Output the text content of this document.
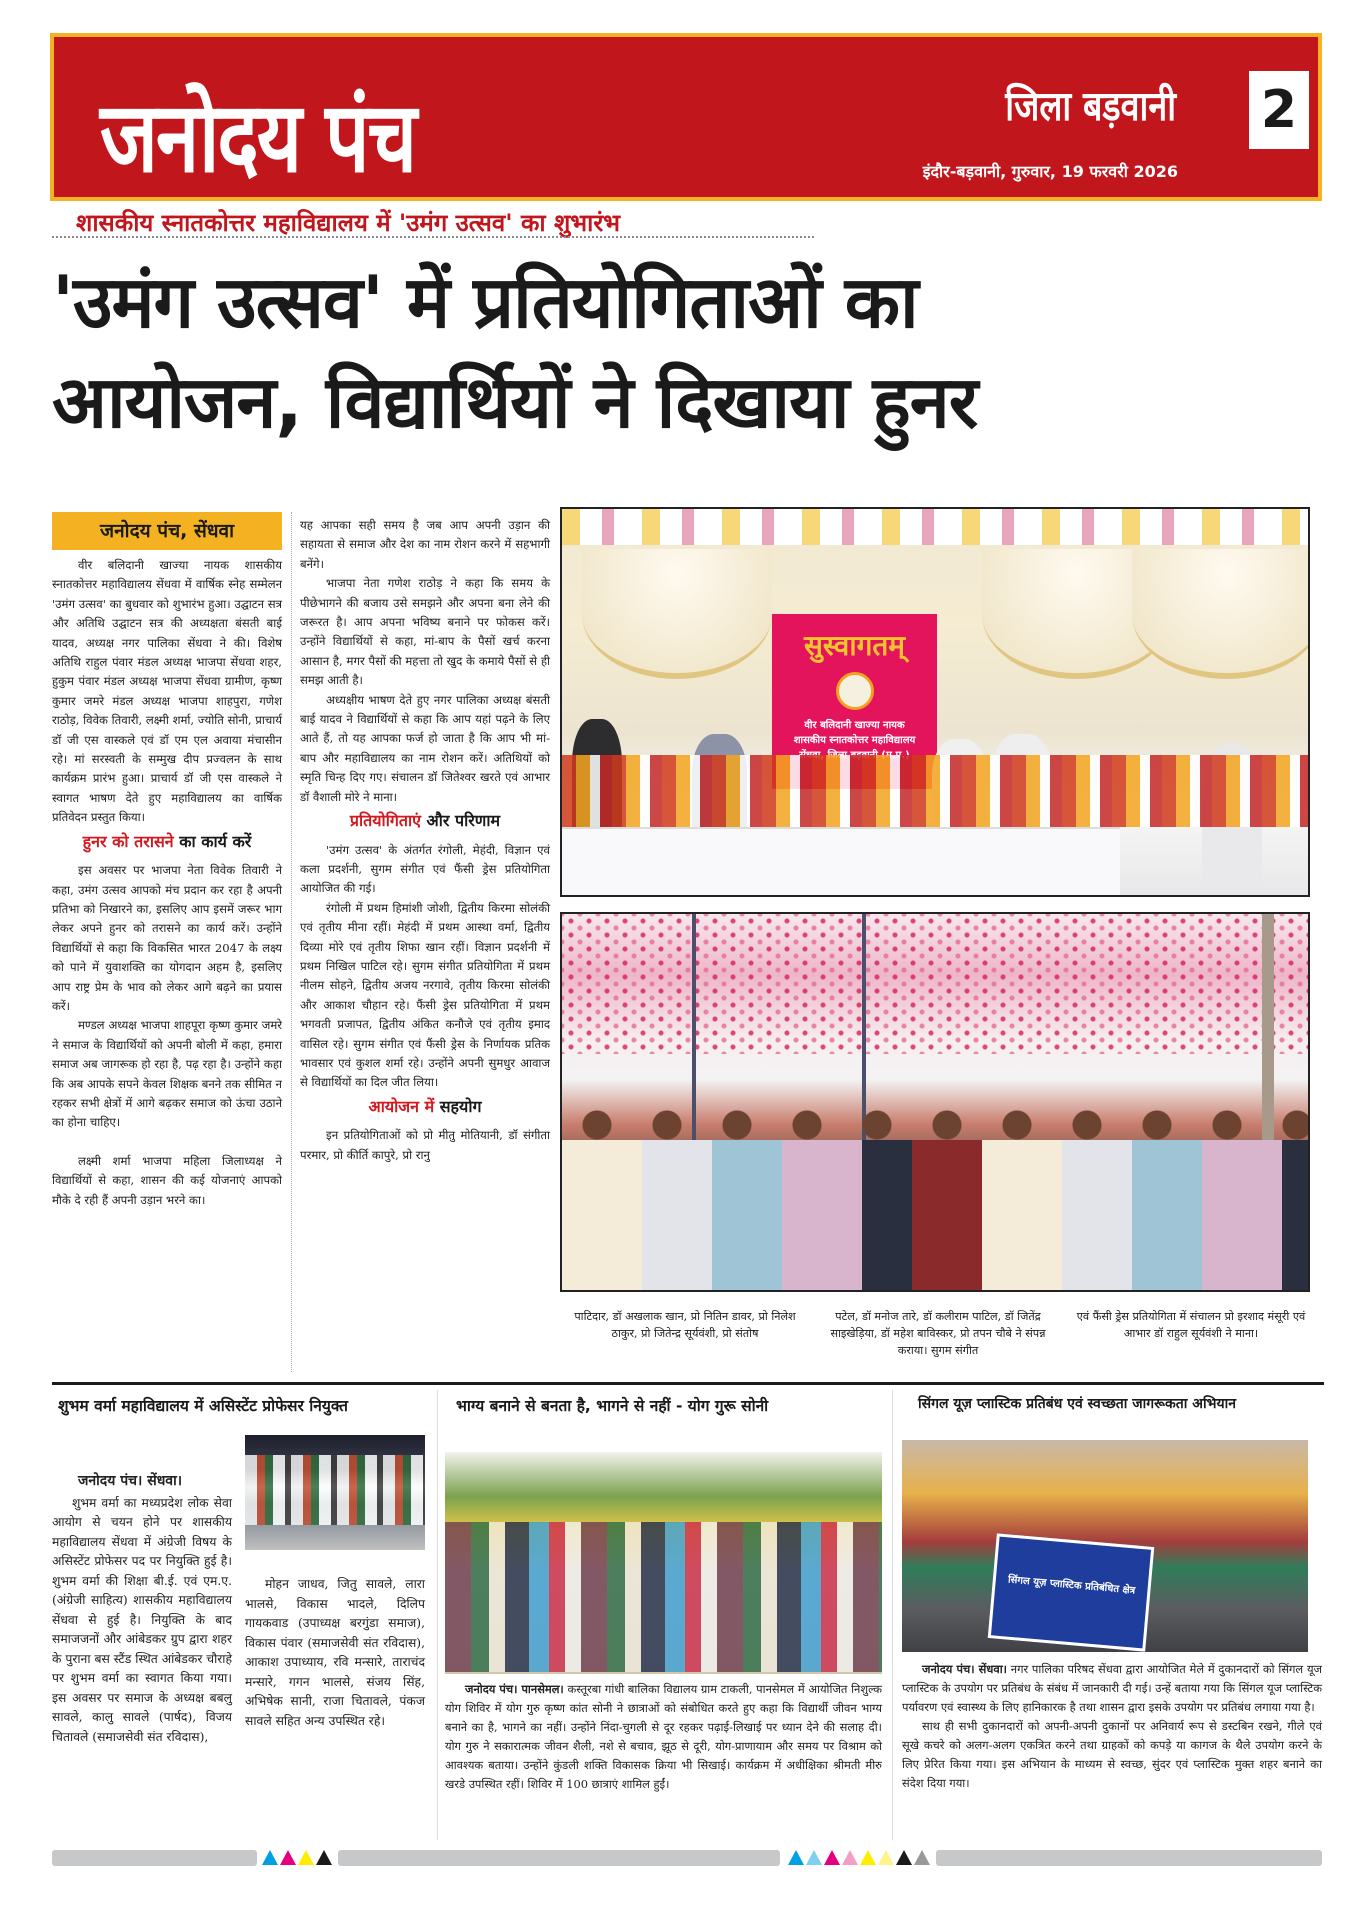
जनोदय पंच	जिला बड़वानी
इंदौर-बड़वानी, गुरुवार, 19 फरवरी 2026
2
शासकीय स्नातकोत्तर महाविद्यालय में 'उमंग उत्सव' का शुभारंभ
'उमंग उत्सव' में प्रतियोगिताओं का
आयोजन, विद्यार्थियों ने दिखाया हुनर
जनोदय पंच, सेंधवा

वीर बलिदानी खाज्या नायक शासकीय स्नातकोत्तर महाविद्यालय सेंधवा में वार्षिक स्नेह सम्मेलन 'उमंग उत्सव' का बुधवार को शुभारंभ हुआ। उद्घाटन सत्र और अतिथि उद्घाटन सत्र की अध्यक्षता बंसती बाई यादव, अध्यक्ष नगर पालिका सेंधवा ने की। विशेष अतिथि राहुल पंवार मंडल अध्यक्ष भाजपा सेंधवा शहर, हुकुम पंवार मंडल अध्यक्ष भाजपा सेंधवा ग्रामीण, कृष्ण कुमार जमरे मंडल अध्यक्ष भाजपा शाहपुरा, गणेश राठोड़, विवेक तिवारी, लक्ष्मी शर्मा, ज्योति सोनी, प्राचार्य डॉ जी एस वास्कले एवं डॉ एम एल अवाया मंचासीन रहे। मां सरस्वती के सम्मुख दीप प्रज्वलन के साथ कार्यक्रम प्रारंभ हुआ। प्राचार्य डॉ जी एस वास्कले ने स्वागत भाषण देते हुए महाविद्यालय का वार्षिक प्रतिवेदन प्रस्तुत किया।

हुनर को तरासने का कार्य करें

इस अवसर पर भाजपा नेता विवेक तिवारी ने कहा, उमंग उत्सव आपको मंच प्रदान कर रहा है अपनी प्रतिभा को निखारने का, इसलिए आप इसमें जरूर भाग लेकर अपने हुनर को तरासने का कार्य करें। उन्होंने विद्यार्थियों से कहा कि विकसित भारत 2047 के लक्ष्य को पाने में युवाशक्ति का योगदान अहम है, इसलिए आप राष्ट्र प्रेम के भाव को लेकर आगे बढ़ने का प्रयास करें।

मण्डल अध्यक्ष भाजपा शाहपूरा कृष्ण कुमार जमरे ने समाज के विद्यार्थियों को अपनी बोली में कहा, हमारा समाज अब जागरूक हो रहा है, पढ़ रहा है। उन्होंने कहा कि अब आपके सपने केवल शिक्षक बनने तक सीमित न रहकर सभी क्षेत्रों में आगे बढ़कर समाज को ऊंचा उठाने का होना चाहिए।

लक्ष्मी शर्मा भाजपा महिला जिलाध्यक्ष ने विद्यार्थियों से कहा, शासन की कई योजनाएं आपको मौके दे रही हैं अपनी उड़ान भरने का।

यह आपका सही समय है जब आप अपनी उड़ान की सहायता से समाज और देश का नाम रोशन करने में सहभागी बनेंगे।

भाजपा नेता गणेश राठोड़ ने कहा कि समय के पीछेभागने की बजाय उसे समझने और अपना बना लेने की जरूरत है। आप अपना भविष्य बनाने पर फोकस करें। उन्होंने विद्यार्थियों से कहा, मां-बाप के पैसों खर्च करना आसान है, मगर पैसों की महत्ता तो खुद के कमाये पैसों से ही समझ आती है।

अध्यक्षीय भाषण देते हुए नगर पालिका अध्यक्ष बंसती बाई यादव ने विद्यार्थियों से कहा कि आप यहां पढ़ने के लिए आते हैं, तो यह आपका फर्ज हो जाता है कि आप भी मां-बाप और महाविद्यालय का नाम रोशन करें। अतिथियों को स्मृति चिन्ह दिए गए। संचालन डॉ जितेश्वर खरते एवं आभार डॉ वैशाली मोरे ने माना।

प्रतियोगिताएं और परिणाम

'उमंग उत्सव' के अंतर्गत रंगोली, मेहंदी, विज्ञान एवं कला प्रदर्शनी, सुगम संगीत एवं फैंसी ड्रेस प्रतियोगिता आयोजित की गई।

रंगोली में प्रथम हिमांशी जोशी, द्वितीय किरमा सोलंकी एवं तृतीय मीना रहीं। मेहंदी में प्रथम आस्था वर्मा, द्वितीय दिव्या मोरे एवं तृतीय शिफा खान रहीं। विज्ञान प्रदर्शनी में प्रथम निखिल पाटिल रहे। सुगम संगीत प्रतियोगिता में प्रथम नीलम सोहने, द्वितीय अजय नरगावे, तृतीय किरमा सोलंकी और आकाश चौहान रहे। फैंसी ड्रेस प्रतियोगिता में प्रथम भगवती प्रजापत, द्वितीय अंकित कनौजे एवं तृतीय इमाद वासिल रहे। सुगम संगीत एवं फैंसी ड्रेस के निर्णायक प्रतिक भावसार एवं कुशल शर्मा रहे। उन्होंने अपनी सुमधुर आवाज से विद्यार्थियों का दिल जीत लिया।

आयोजन में सहयोग

इन प्रतियोगिताओं को प्रो मीतु मोतियानी, डॉ संगीता परमार, प्रो कीर्ति कापुरे, प्रो रानु

सुस्वागतम्
वीर बलिदानी खाज्या नायक
शासकीय स्नातकोत्तर महाविद्यालय
पाटिदार, डॉ अखलाक खान, प्रो नितिन डावर, प्रो निलेश ठाकुर, प्रो जितेन्द्र सूर्यवंशी, प्रो संतोष
पटेल, डॉ मनोज तारे, डॉ कलीराम पाटिल, डॉ जितेंद्र साइखेड़िया, डॉ महेश बाविस्कर, प्रो तपन चौबे ने संपन्न कराया। सुगम संगीत
एवं फैंसी ड्रेस प्रतियोगिता में संचालन प्रो इरशाद मंसूरी एवं आभार डॉ राहुल सूर्यवंशी ने माना।
शुभम वर्मा महाविद्यालय में असिस्टेंट प्रोफेसर नियुक्त

जनोदय पंच। सेंधवा।

शुभम वर्मा का मध्यप्रदेश लोक सेवा आयोग से चयन होने पर शासकीय महाविद्यालय सेंधवा में अंग्रेजी विषय के असिस्टेंट प्रोफेसर पद पर नियुक्ति हुई है। शुभम वर्मा की शिक्षा बी.ई. एवं एम.ए. (अंग्रेजी साहित्य) शासकीय महाविद्यालय सेंधवा से हुई है। नियुक्ति के बाद समाजजनों और आंबेडकर ग्रुप द्वारा शहर के पुराना बस स्टैंड स्थित आंबेडकर चौराहे पर शुभम वर्मा का स्वागत किया गया। इस अवसर पर समाज के अध्यक्ष बबलु सावले, कालु सावले (पार्षद), विजय चितावले (समाजसेवी संत रविदास),

मोहन जाधव, जितु सावले, लारा भालसे, विकास भादले, दिलिप गायकवाड (उपाध्यक्ष बरगुंडा समाज), विकास पंवार (समाजसेवी संत रविदास), आकाश उपाध्याय, रवि मन्सारे, ताराचंद मन्सारे, गगन भालसे, संजय सिंह, अभिषेक सानी, राजा चितावले, पंकज सावले सहित अन्य उपस्थित रहे।

भाग्य बनाने से बनता है, भागने से नहीं - योग गुरू सोनी

जनोदय पंच। पानसेमल। कस्तूरबा गांधी बालिका विद्यालय ग्राम टाकली, पानसेमल में आयोजित निशुल्क योग शिविर में योग गुरु कृष्ण कांत सोनी ने छात्राओं को संबोधित करते हुए कहा कि विद्यार्थी जीवन भाग्य बनाने का है, भागने का नहीं। उन्होंने निंदा-चुगली से दूर रहकर पढ़ाई-लिखाई पर ध्यान देने की सलाह दी। योग गुरु ने सकारात्मक जीवन शैली, नशे से बचाव, झूठ से दूरी, योग-प्राणायाम और समय पर विश्राम को आवश्यक बताया। उन्होंने कुंडली शक्ति विकासक क्रिया भी सिखाई। कार्यक्रम में अधीक्षिका श्रीमती मीरु खरडे उपस्थित रहीं। शिविर में 100 छात्राएं शामिल हुईं।

सिंगल यूज़ प्लास्टिक प्रतिबंध एवं स्वच्छता जागरूकता अभियान
सिंगल यूज़ प्लास्टिक प्रतिबंधित क्षेत्र

जनोदय पंच। सेंधवा। नगर पालिका परिषद सेंधवा द्वारा आयोजित मेले में दुकानदारों को सिंगल यूज प्लास्टिक के उपयोग पर प्रतिबंध के संबंध में जानकारी दी गई। उन्हें बताया गया कि सिंगल यूज प्लास्टिक पर्यावरण एवं स्वास्थ्य के लिए हानिकारक है तथा शासन द्वारा इसके उपयोग पर प्रतिबंध लगाया गया है।

साथ ही सभी दुकानदारों को अपनी-अपनी दुकानों पर अनिवार्य रूप से डस्टबिन रखने, गीले एवं सूखे कचरे को अलग-अलग एकत्रित करने तथा ग्राहकों को कपड़े या कागज के थैले उपयोग करने के लिए प्रेरित किया गया। इस अभियान के माध्यम से स्वच्छ, सुंदर एवं प्लास्टिक मुक्त शहर बनाने का संदेश दिया गया।
